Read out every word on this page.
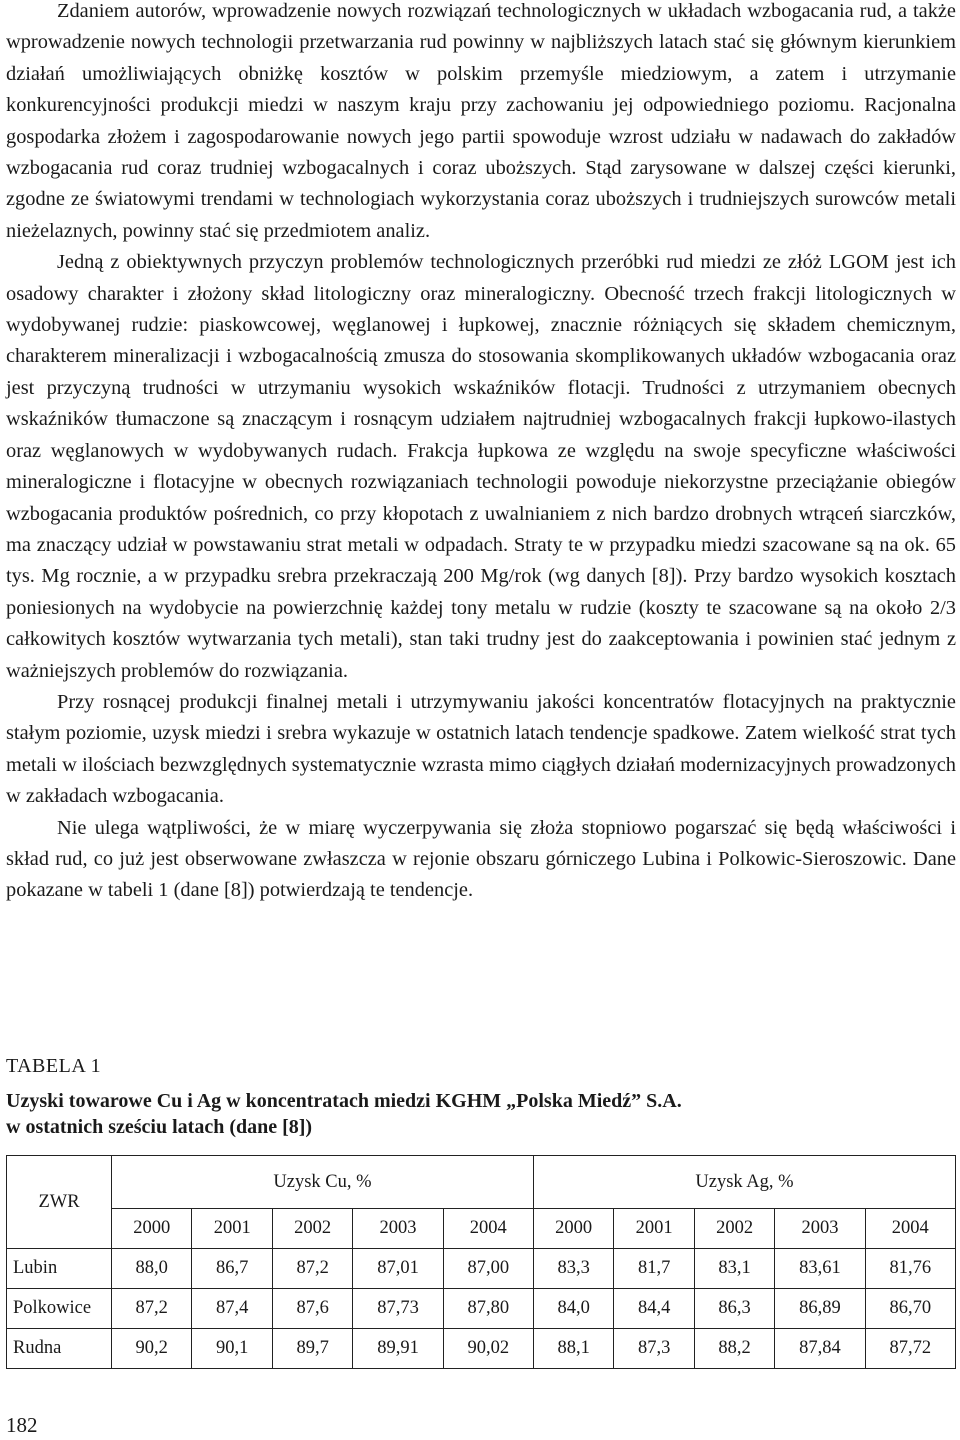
Zdaniem autorów, wprowadzenie nowych rozwiązań technologicznych w układach wzbogacania rud, a także wprowadzenie nowych technologii przetwarzania rud powinny w najbliższych latach stać się głównym kierunkiem działań umożliwiających obniżkę kosztów w polskim przemyśle miedziowym, a zatem i utrzymanie konkurencyjności produkcji miedzi w naszym kraju przy zachowaniu jej odpowiedniego poziomu. Racjonalna gospodarka złożem i zagospodarowanie nowych jego partii spowoduje wzrost udziału w nadawach do zakładów wzbogacania rud coraz trudniej wzbogacalnych i coraz uboższych. Stąd zarysowane w dalszej części kierunki, zgodne ze światowymi trendami w technologiach wykorzystania coraz uboższych i trudniejszych surowców metali nieżelaznych, powinny stać się przedmiotem analiz.

Jedną z obiektywnych przyczyn problemów technologicznych przeróbki rud miedzi ze złóż LGOM jest ich osadowy charakter i złożony skład litologiczny oraz mineralogiczny. Obecność trzech frakcji litologicznych w wydobywanej rudzie: piaskowcowej, węglanowej i łupkowej, znacznie różniących się składem chemicznym, charakterem mineralizacji i wzbogacalnością zmusza do stosowania skomplikowanych układów wzbogacania oraz jest przyczyną trudności w utrzymaniu wysokich wskaźników flotacji. Trudności z utrzymaniem obecnych wskaźników tłumaczone są znaczącym i rosnącym udziałem najtrudniej wzbogacalnych frakcji łupkowo-ilastych oraz węglanowych w wydobywanych rudach. Frakcja łupkowa ze względu na swoje specyficzne właściwości mineralogiczne i flotacyjne w obecnych rozwiązaniach technologii powoduje niekorzystne przeciążanie obiegów wzbogacania produktów pośrednich, co przy kłopotach z uwalnianiem z nich bardzo drobnych wtrąceń siarczków, ma znaczący udział w powstawaniu strat metali w odpadach. Straty te w przypadku miedzi szacowane są na ok. 65 tys. Mg rocznie, a w przypadku srebra przekraczają 200 Mg/rok (wg danych [8]). Przy bardzo wysokich kosztach poniesionych na wydobycie na powierzchnię każdej tony metalu w rudzie (koszty te szacowane są na około 2/3 całkowitych kosztów wytwarzania tych metali), stan taki trudny jest do zaakceptowania i powinien stać jednym z ważniejszych problemów do rozwiązania.

Przy rosnącej produkcji finalnej metali i utrzymywaniu jakości koncentratów flotacyjnych na praktycznie stałym poziomie, uzysk miedzi i srebra wykazuje w ostatnich latach tendencje spadkowe. Zatem wielkość strat tych metali w ilościach bezwzględnych systematycznie wzrasta mimo ciągłych działań modernizacyjnych prowadzonych w zakładach wzbogacania.

Nie ulega wątpliwości, że w miarę wyczerpywania się złoża stopniowo pogarszać się będą właściwości i skład rud, co już jest obserwowane zwłaszcza w rejonie obszaru górniczego Lubina i Polkowic-Sieroszowic. Dane pokazane w tabeli 1 (dane [8]) potwierdzają te tendencje.

TABELA 1
Uzyski towarowe Cu i Ag w koncentratach miedzi KGHM „Polska Miedź” S.A.
w ostatnich sześciu latach (dane [8])
ZWR	Uzysk Cu, %					Uzysk Ag, %				
	2000	2001	2002	2003	2004	2000	2001	2002	2003	2004
Lubin	88,0	86,7	87,2	87,01	87,00	83,3	81,7	83,1	83,61	81,76
Polkowice	87,2	87,4	87,6	87,73	87,80	84,0	84,4	86,3	86,89	86,70
Rudna	90,2	90,1	89,7	89,91	90,02	88,1	87,3	88,2	87,84	87,72
182
